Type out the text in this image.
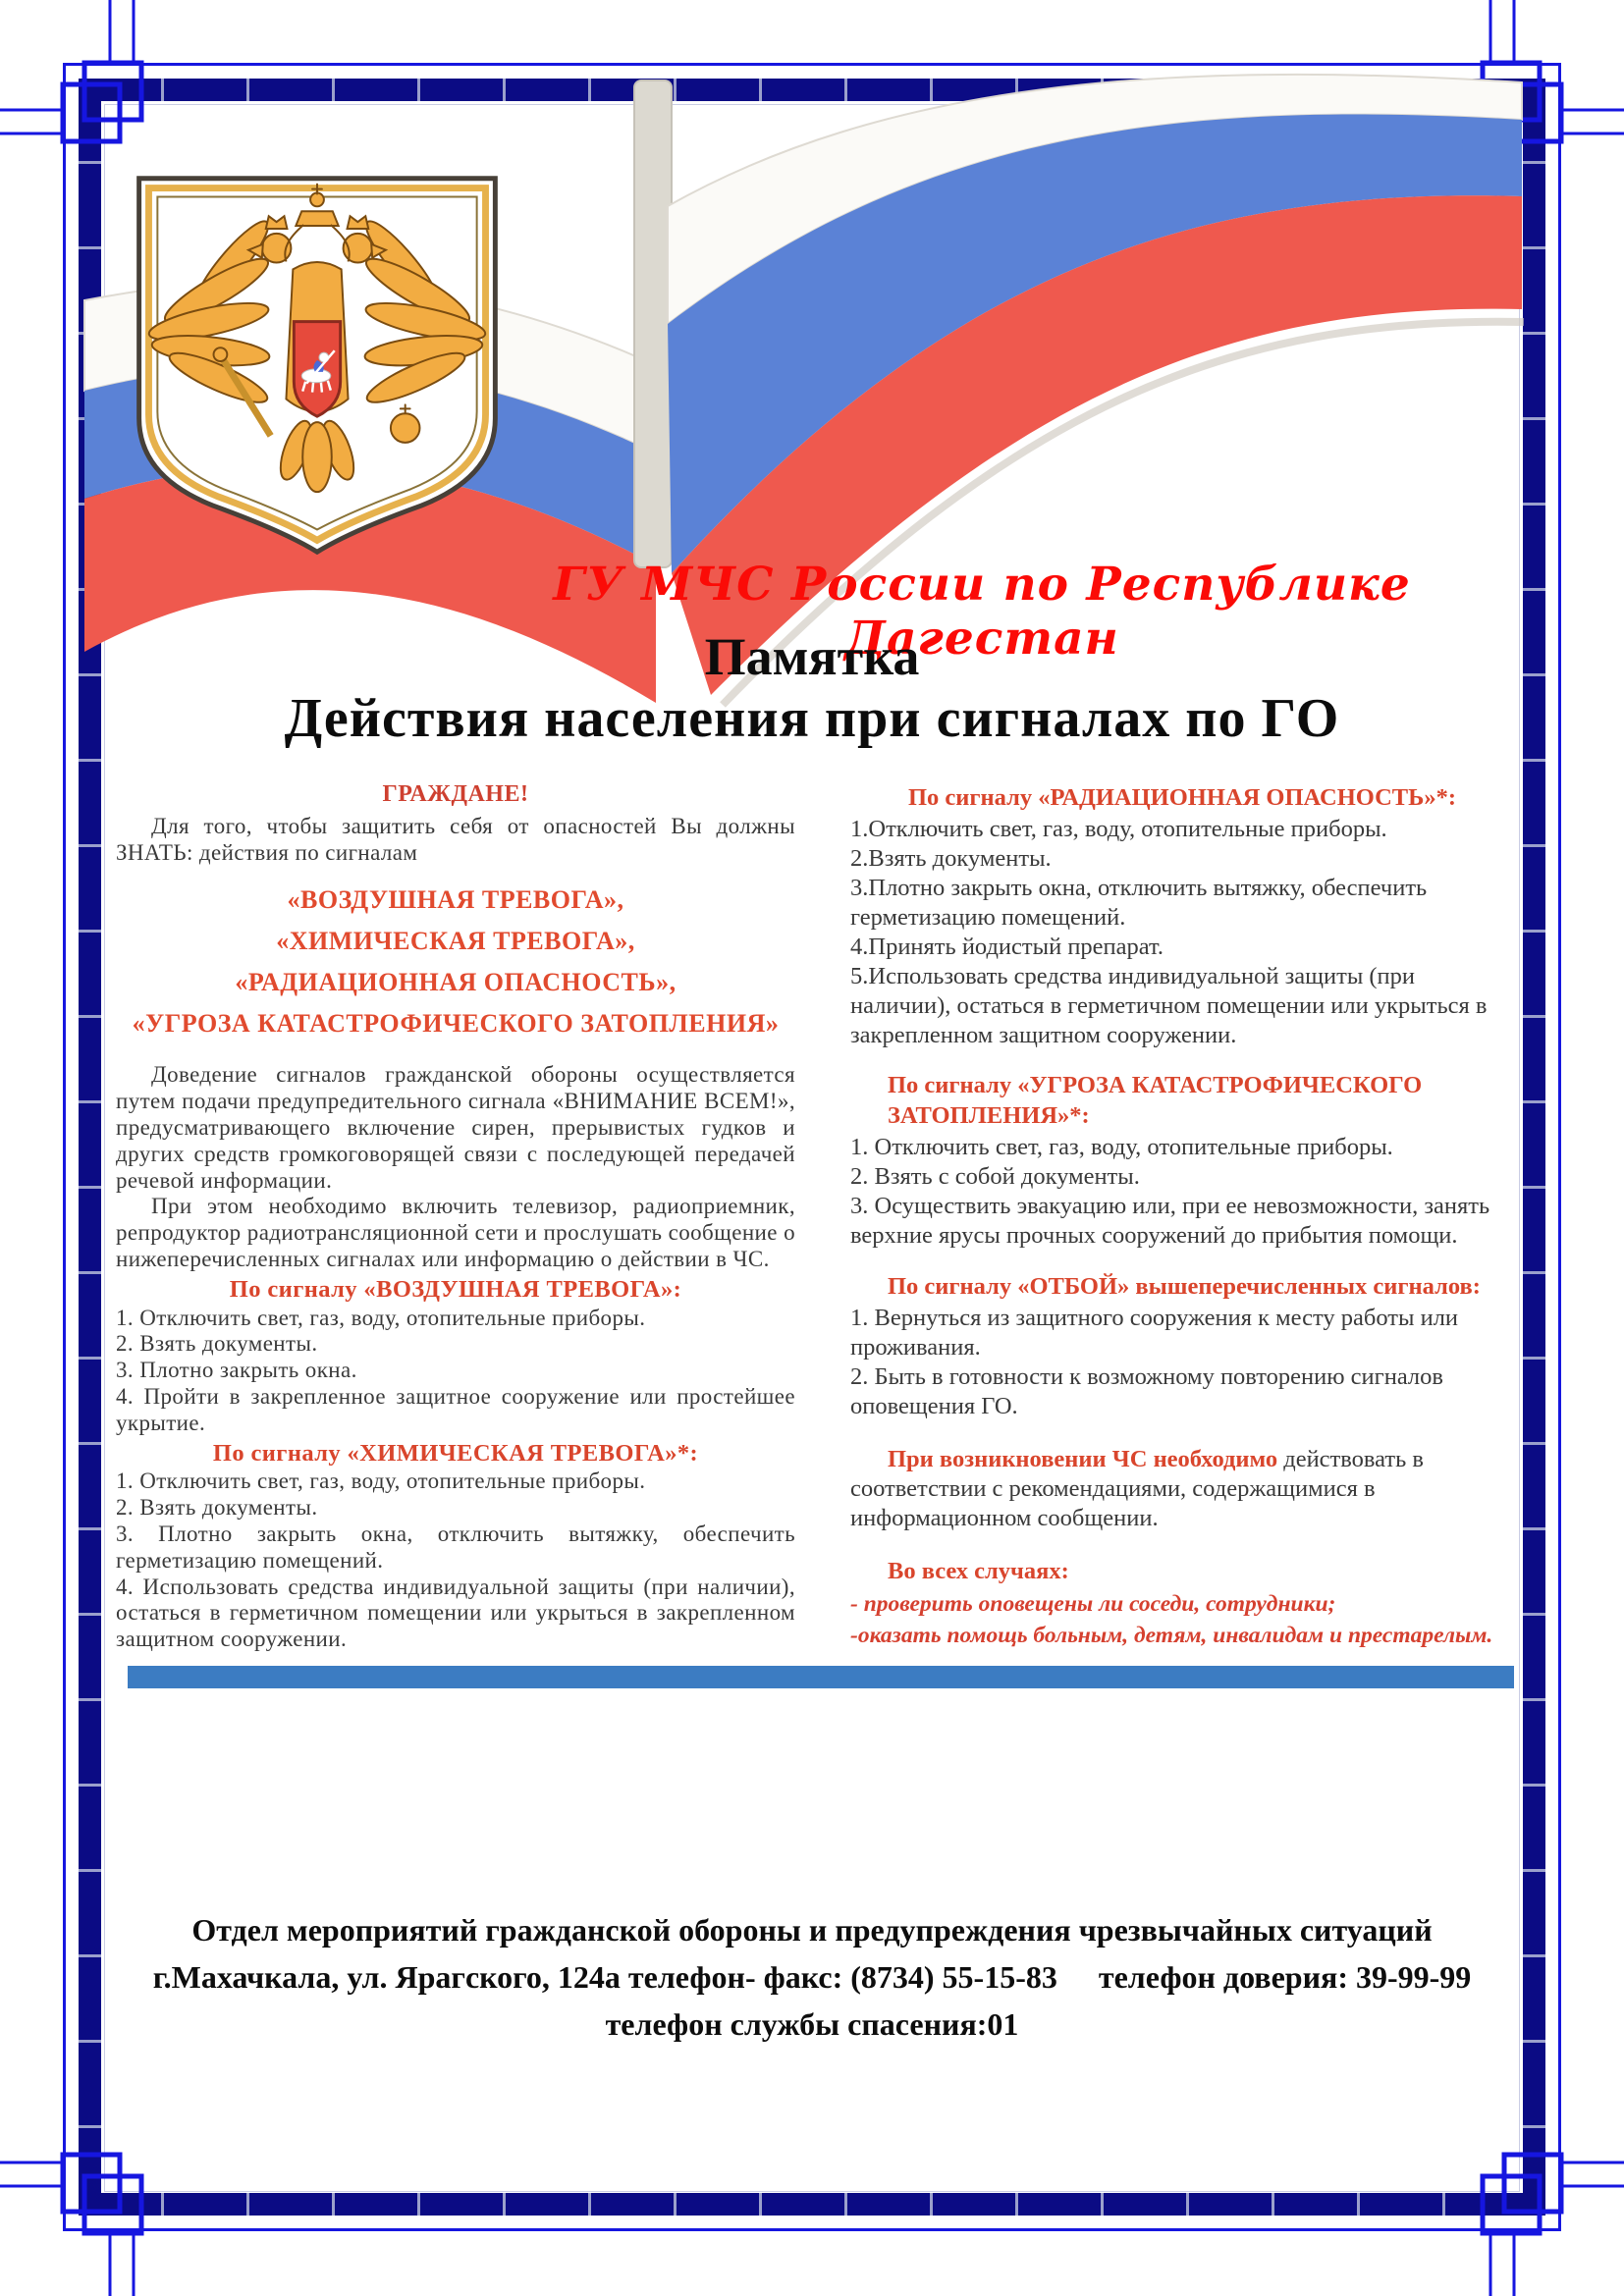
ГУ МЧС России по Республике Дагестан
Памятка
Действия населения при сигналах по ГО
ГРАЖДАНЕ!

Для того, чтобы защитить себя от опасностей Вы должны ЗНАТЬ: действия по сигналам

«ВОЗДУШНАЯ ТРЕВОГА»,
«ХИМИЧЕСКАЯ ТРЕВОГА»,
«РАДИАЦИОННАЯ ОПАСНОСТЬ»,
«УГРОЗА КАТАСТРОФИЧЕСКОГО ЗАТОПЛЕНИЯ»

Доведение сигналов гражданской обороны осуществляется путем подачи предупредительного сигнала «ВНИМАНИЕ ВСЕМ!», предусматривающего включение сирен, прерывистых гудков и других средств громкоговорящей связи с последующей передачей речевой информации.

При этом необходимо включить телевизор, радиоприемник, репродуктор радиотрансляционной сети и прослушать сообщение о нижеперечисленных сигналах или информацию о действии в ЧС.

По сигналу «ВОЗДУШНАЯ ТРЕВОГА»:

1. Отключить свет, газ, воду, отопительные приборы.

2. Взять документы.

3. Плотно закрыть окна.

4. Пройти в закрепленное защитное сооружение или простейшее укрытие.

По сигналу «ХИМИЧЕСКАЯ ТРЕВОГА»*:

1. Отключить свет, газ, воду, отопительные приборы.

2. Взять документы.

3. Плотно закрыть окна, отключить вытяжку, обеспечить герметизацию помещений.

4. Использовать средства индивидуальной защиты (при наличии), остаться в герметичном помещении или укрыться в закрепленном защитном сооружении.

По сигналу «РАДИАЦИОННАЯ ОПАСНОСТЬ»*:

1.Отключить свет, газ, воду, отопительные приборы.

2.Взять документы.

3.Плотно закрыть окна, отключить вытяжку, обеспечить герметизацию помещений.

4.Принять йодистый препарат.

5.Использовать средства индивидуальной защиты (при наличии), остаться в герметичном помещении или укрыться в закрепленном защитном сооружении.

По сигналу «УГРОЗА КАТАСТРОФИЧЕСКОГО ЗАТОПЛЕНИЯ»*:

1. Отключить свет, газ, воду, отопительные приборы.

2. Взять с собой документы.

3. Осуществить эвакуацию или, при ее невозможности, занять верхние ярусы прочных сооружений до прибытия помощи.

По сигналу «ОТБОЙ» вышеперечисленных сигналов:

1. Вернуться из защитного сооружения к месту работы или проживания.

2. Быть в готовности к возможному повторению сигналов оповещения ГО.

При возникновении ЧС необходимо действовать в соответствии с рекомендациями, содержащимися в информационном сообщении.

Во всех случаях:

- проверить оповещены ли соседи, сотрудники;

-оказать помощь больным, детям, инвалидам и престарелым.

Отдел мероприятий гражданской обороны и предупреждения чрезвычайных ситуаций
г.Махачкала, ул. Ярагского, 124а телефон- факс: (8734) 55-15-83 телефон доверия: 39-99-99
телефон службы спасения:01
